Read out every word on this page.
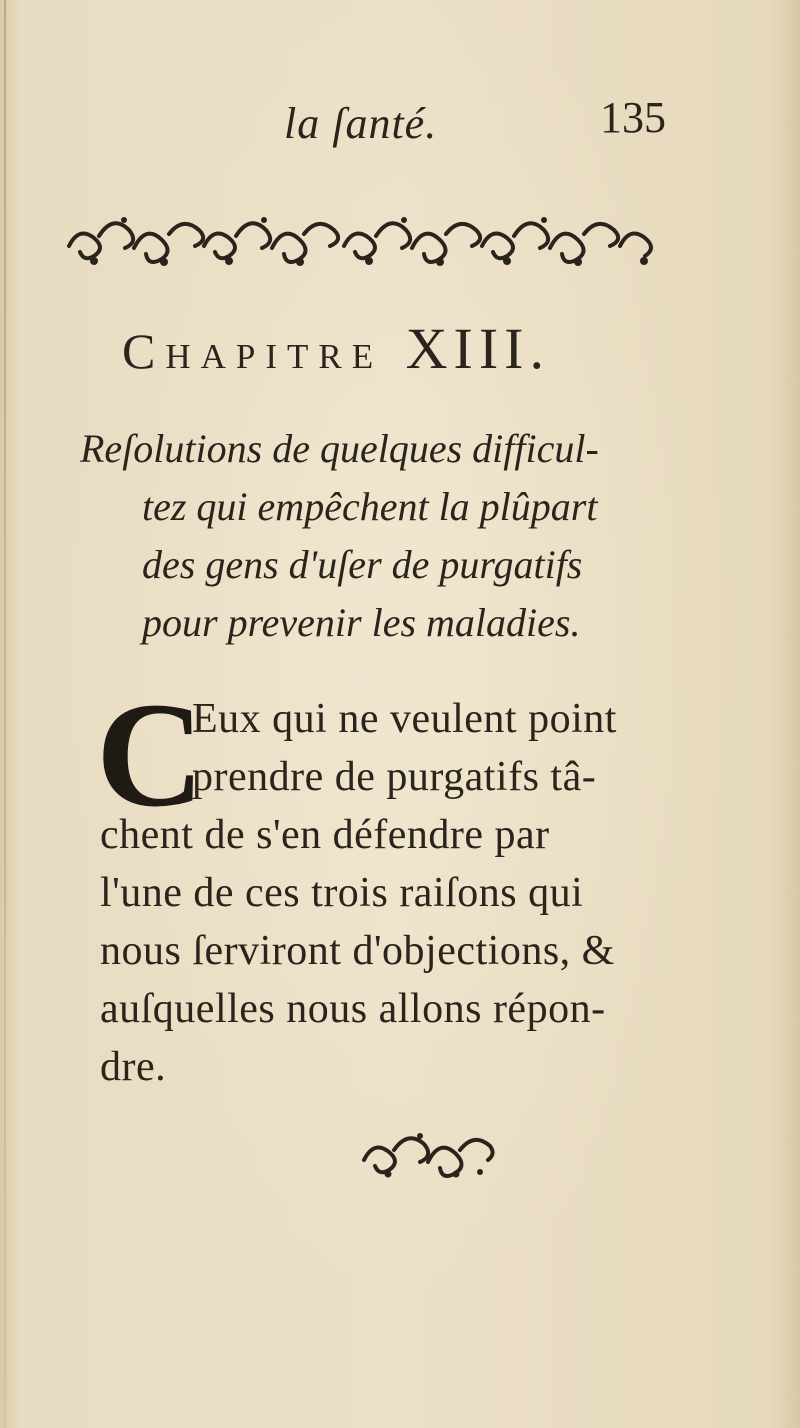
la ſanté.	135
Chapitre XIII.
Reſolutions de quelques difficul-
tez qui empêchent la plûpart
des gens d'uſer de purgatifs
pour prevenir les maladies.
C
Eux qui ne veulent point
prendre de purgatifs tâ-
chent de s'en défendre par
l'une de ces trois raiſons qui
nous ſerviront d'objections, &
auſquelles nous allons répon-
dre.
